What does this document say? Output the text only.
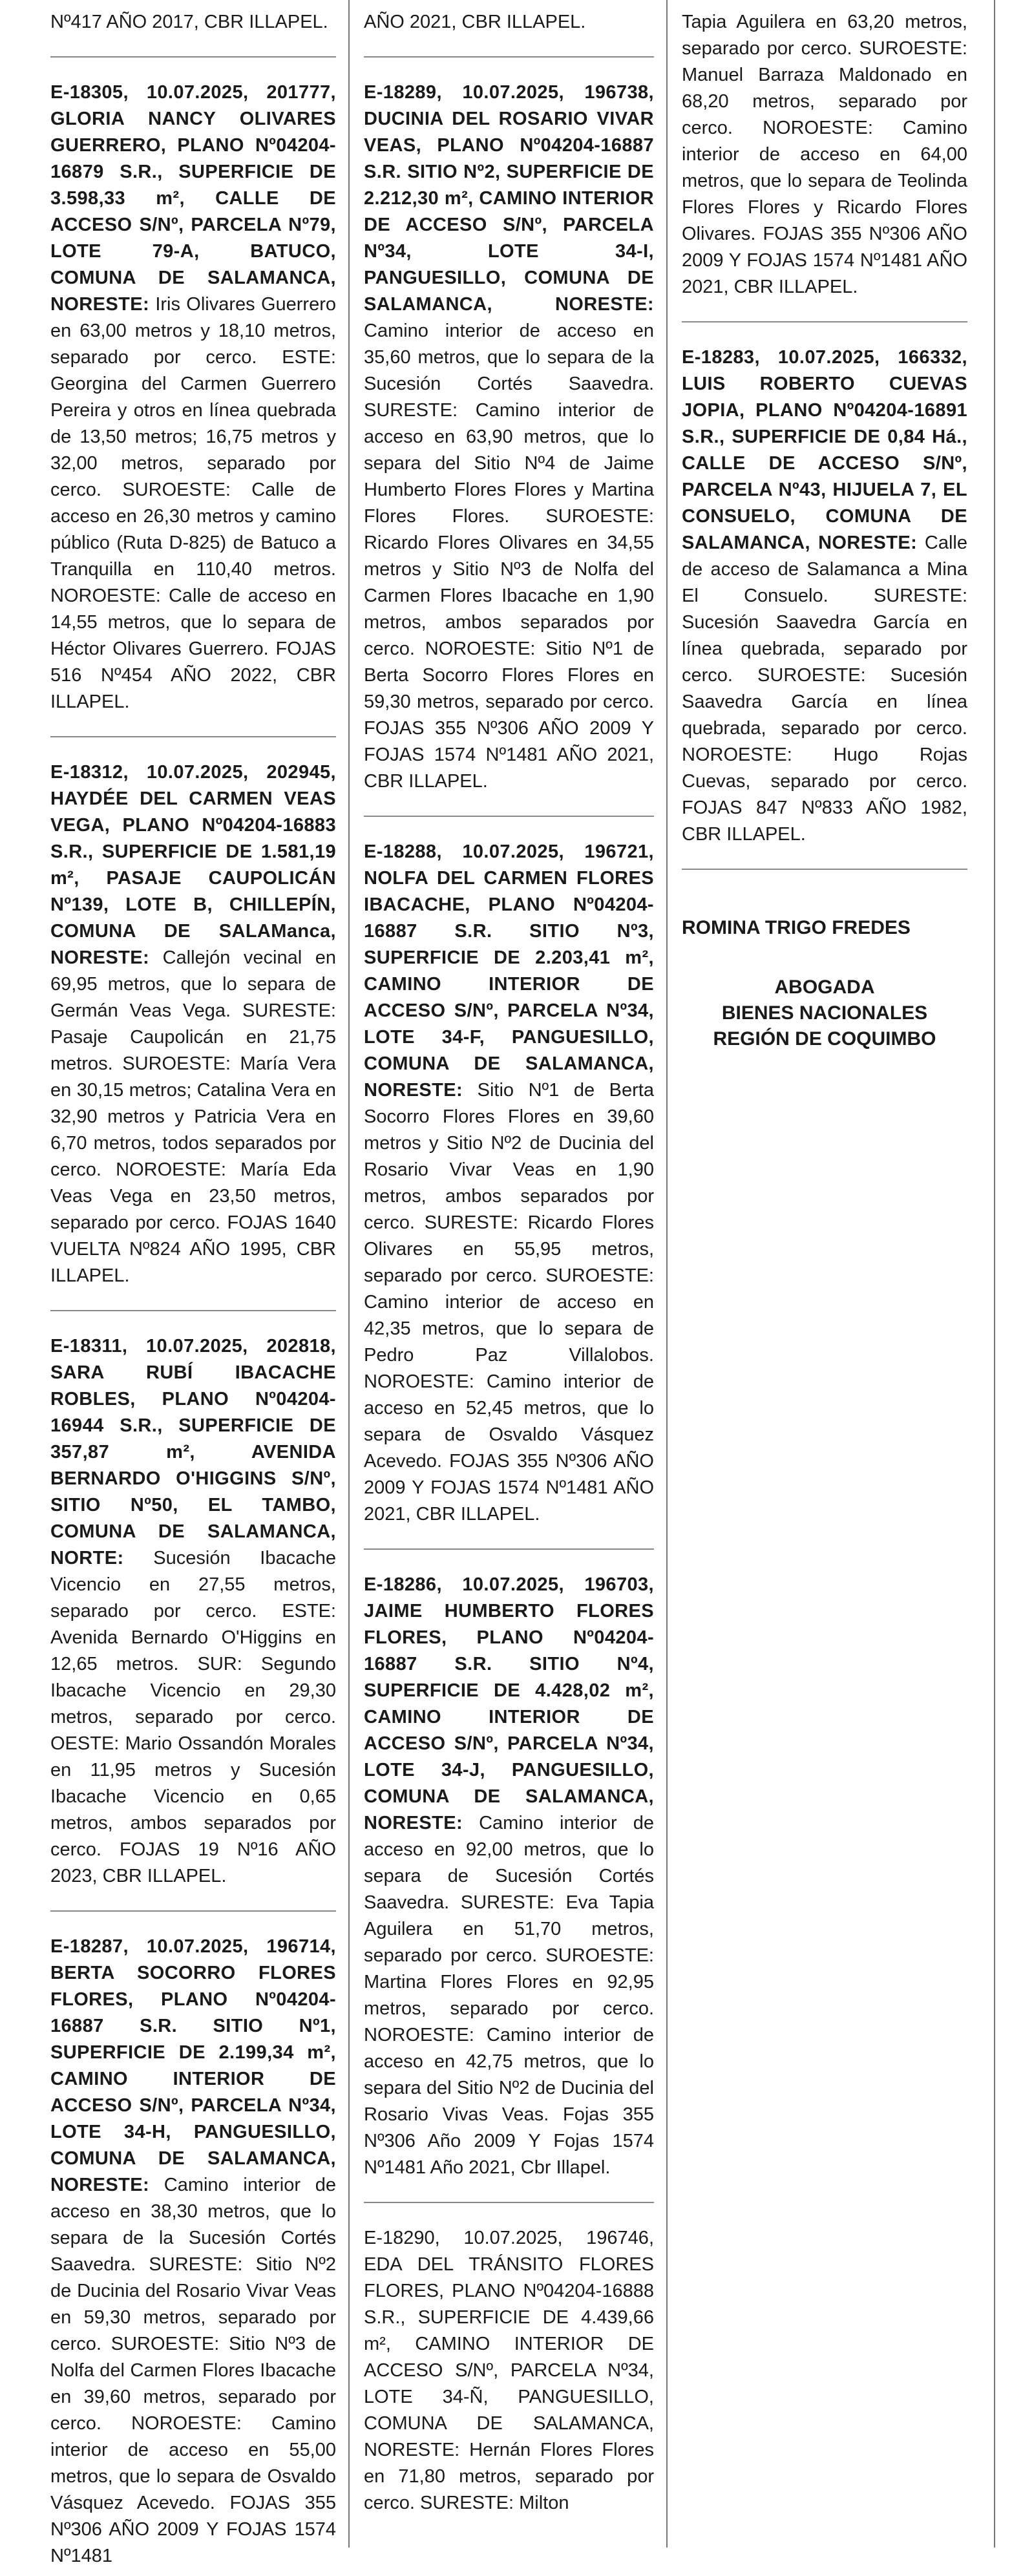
Nº417 AÑO 2017, CBR ILLAPEL.
E-18305, 10.07.2025, 201777, GLORIA NANCY OLIVARES GUERRERO, PLANO Nº04204-16879 S.R., SUPERFICIE DE 3.598,33 m², CALLE DE ACCESO S/Nº, PARCELA Nº79, LOTE 79-A, BATUCO, COMUNA DE SALAMANCA, NORESTE: Iris Olivares Guerrero en 63,00 metros y 18,10 metros, separado por cerco. ESTE: Georgina del Carmen Guerrero Pereira y otros en línea quebrada de 13,50 metros; 16,75 metros y 32,00 metros, separado por cerco. SUROESTE: Calle de acceso en 26,30 metros y camino público (Ruta D-825) de Batuco a Tranquilla en 110,40 metros. NOROESTE: Calle de acceso en 14,55 metros, que lo separa de Héctor Olivares Guerrero. FOJAS 516 Nº454 AÑO 2022, CBR ILLAPEL.
E-18312, 10.07.2025, 202945, HAYDÉE DEL CARMEN VEAS VEGA, PLANO Nº04204-16883 S.R., SUPERFICIE DE 1.581,19 m², PASAJE CAUPOLICÁN Nº139, LOTE B, CHILLEPÍN, COMUNA DE SALAManca, NORESTE: Callejón vecinal en 69,95 metros, que lo separa de Germán Veas Vega. SURESTE: Pasaje Caupolicán en 21,75 metros. SUROESTE: María Vera en 30,15 metros; Catalina Vera en 32,90 metros y Patricia Vera en 6,70 metros, todos separados por cerco. NOROESTE: María Eda Veas Vega en 23,50 metros, separado por cerco. FOJAS 1640 VUELTA Nº824 AÑO 1995, CBR ILLAPEL.
E-18311, 10.07.2025, 202818, SARA RUBÍ IBACACHE ROBLES, PLANO Nº04204-16944 S.R., SUPERFICIE DE 357,87 m², AVENIDA BERNARDO O'HIGGINS S/Nº, SITIO Nº50, EL TAMBO, COMUNA DE SALAMANCA, NORTE: Sucesión Ibacache Vicencio en 27,55 metros, separado por cerco. ESTE: Avenida Bernardo O'Higgins en 12,65 metros. SUR: Segundo Ibacache Vicencio en 29,30 metros, separado por cerco. OESTE: Mario Ossandón Morales en 11,95 metros y Sucesión Ibacache Vicencio en 0,65 metros, ambos separados por cerco. FOJAS 19 Nº16 AÑO 2023, CBR ILLAPEL.
E-18287, 10.07.2025, 196714, BERTA SOCORRO FLORES FLORES, PLANO Nº04204-16887 S.R. SITIO Nº1, SUPERFICIE DE 2.199,34 m², CAMINO INTERIOR DE ACCESO S/Nº, PARCELA Nº34, LOTE 34-H, PANGUESILLO, COMUNA DE SALAMANCA, NORESTE: Camino interior de acceso en 38,30 metros, que lo separa de la Sucesión Cortés Saavedra. SURESTE: Sitio Nº2 de Ducinia del Rosario Vivar Veas en 59,30 metros, separado por cerco. SUROESTE: Sitio Nº3 de Nolfa del Carmen Flores Ibacache en 39,60 metros, separado por cerco. NOROESTE: Camino interior de acceso en 55,00 metros, que lo separa de Osvaldo Vásquez Acevedo. FOJAS 355 Nº306 AÑO 2009 Y FOJAS 1574 Nº1481
AÑO 2021, CBR ILLAPEL.
E-18289, 10.07.2025, 196738, DUCINIA DEL ROSARIO VIVAR VEAS, PLANO Nº04204-16887 S.R. SITIO Nº2, SUPERFICIE DE 2.212,30 m², CAMINO INTERIOR DE ACCESO S/Nº, PARCELA Nº34, LOTE 34-I, PANGUESILLO, COMUNA DE SALAMANCA, NORESTE: Camino interior de acceso en 35,60 metros, que lo separa de la Sucesión Cortés Saavedra. SURESTE: Camino interior de acceso en 63,90 metros, que lo separa del Sitio Nº4 de Jaime Humberto Flores Flores y Martina Flores Flores. SUROESTE: Ricardo Flores Olivares en 34,55 metros y Sitio Nº3 de Nolfa del Carmen Flores Ibacache en 1,90 metros, ambos separados por cerco. NOROESTE: Sitio Nº1 de Berta Socorro Flores Flores en 59,30 metros, separado por cerco. FOJAS 355 Nº306 AÑO 2009 Y FOJAS 1574 Nº1481 AÑO 2021, CBR ILLAPEL.
E-18288, 10.07.2025, 196721, NOLFA DEL CARMEN FLORES IBACACHE, PLANO Nº04204-16887 S.R. SITIO Nº3, SUPERFICIE DE 2.203,41 m², CAMINO INTERIOR DE ACCESO S/Nº, PARCELA Nº34, LOTE 34-F, PANGUESILLO, COMUNA DE SALAMANCA, NORESTE: Sitio Nº1 de Berta Socorro Flores Flores en 39,60 metros y Sitio Nº2 de Ducinia del Rosario Vivar Veas en 1,90 metros, ambos separados por cerco. SURESTE: Ricardo Flores Olivares en 55,95 metros, separado por cerco. SUROESTE: Camino interior de acceso en 42,35 metros, que lo separa de Pedro Paz Villalobos. NOROESTE: Camino interior de acceso en 52,45 metros, que lo separa de Osvaldo Vásquez Acevedo. FOJAS 355 Nº306 AÑO 2009 Y FOJAS 1574 Nº1481 AÑO 2021, CBR ILLAPEL.
E-18286, 10.07.2025, 196703, JAIME HUMBERTO FLORES FLORES, PLANO Nº04204-16887 S.R. SITIO Nº4, SUPERFICIE DE 4.428,02 m², CAMINO INTERIOR DE ACCESO S/Nº, PARCELA Nº34, LOTE 34-J, PANGUESILLO, COMUNA DE SALAMANCA, NORESTE: Camino interior de acceso en 92,00 metros, que lo separa de Sucesión Cortés Saavedra. SURESTE: Eva Tapia Aguilera en 51,70 metros, separado por cerco. SUROESTE: Martina Flores Flores en 92,95 metros, separado por cerco. NOROESTE: Camino interior de acceso en 42,75 metros, que lo separa del Sitio Nº2 de Ducinia del Rosario Vivas Veas. Fojas 355 Nº306 Año 2009 Y Fojas 1574 Nº1481 Año 2021, Cbr Illapel.
E-18290, 10.07.2025, 196746, EDA DEL TRÁNSITO FLORES FLORES, PLANO Nº04204-16888 S.R., SUPERFICIE DE 4.439,66 m², CAMINO INTERIOR DE ACCESO S/Nº, PARCELA Nº34, LOTE 34-Ñ, PANGUESILLO, COMUNA DE SALAMANCA, NORESTE: Hernán Flores Flores en 71,80 metros, separado por cerco. SURESTE: Milton
Tapia Aguilera en 63,20 metros, separado por cerco. SUROESTE: Manuel Barraza Maldonado en 68,20 metros, separado por cerco. NOROESTE: Camino interior de acceso en 64,00 metros, que lo separa de Teolinda Flores Flores y Ricardo Flores Olivares. FOJAS 355 Nº306 AÑO 2009 Y FOJAS 1574 Nº1481 AÑO 2021, CBR ILLAPEL.
E-18283, 10.07.2025, 166332, LUIS ROBERTO CUEVAS JOPIA, PLANO Nº04204-16891 S.R., SUPERFICIE DE 0,84 Há., CALLE DE ACCESO S/Nº, PARCELA Nº43, HIJUELA 7, EL CONSUELO, COMUNA DE SALAMANCA, NORESTE: Calle de acceso de Salamanca a Mina El Consuelo. SURESTE: Sucesión Saavedra García en línea quebrada, separado por cerco. SUROESTE: Sucesión Saavedra García en línea quebrada, separado por cerco. NOROESTE: Hugo Rojas Cuevas, separado por cerco. FOJAS 847 Nº833 AÑO 1982, CBR ILLAPEL.
ROMINA TRIGO FREDES
ABOGADA
BIENES NACIONALES
REGIÓN DE COQUIMBO
